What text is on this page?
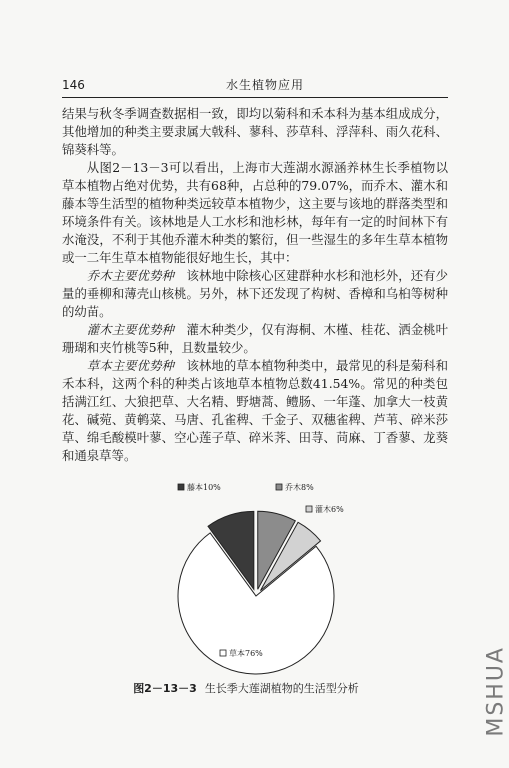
146	水生植物应用

结果与秋冬季调查数据相一致，即均以菊科和禾本科为基本组成成分，其他增加的种类主要隶属大戟科、蓼科、莎草科、浮萍科、雨久花科、锦葵科等。

从图2－13－3可以看出，上海市大莲湖水源涵养林生长季植物以草本植物占绝对优势，共有68种，占总种的79.07%，而乔木、灌木和藤本等生活型的植物种类远较草本植物少，这主要与该地的群落类型和环境条件有关。该林地是人工水杉和池杉林，每年有一定的时间林下有水淹没，不利于其他乔灌木种类的繁衍，但一些湿生的多年生草本植物或一二年生草本植物能很好地生长，其中：

乔木主要优势种　 该林地中除核心区建群种水杉和池杉外，还有少量的垂柳和薄壳山核桃。另外，林下还发现了构树、香樟和乌桕等树种的幼苗。

灌木主要优势种　 灌木种类少，仅有海桐、木槿、桂花、洒金桃叶珊瑚和夹竹桃等5种，且数量较少。

草本主要优势种　 该林地的草本植物种类中，最常见的科是菊科和禾本科，这两个科的种类占该地草本植物总数41.54%。常见的种类包括满江红、大狼把草、大名精、野塘蒿、鳢肠、一年蓬、加拿大一枝黄花、碱菀、黄鹌菜、马唐、孔雀稗、千金子、双穗雀稗、芦苇、碎米莎草、绵毛酸模叶蓼、空心莲子草、碎米荠、田荨、苘麻、丁香蓼、龙葵和通泉草等。

藤本10%	乔木8%
灌木6%
草本76%
图2－13－3 生长季大莲湖植物的生活型分析	MSHUA
